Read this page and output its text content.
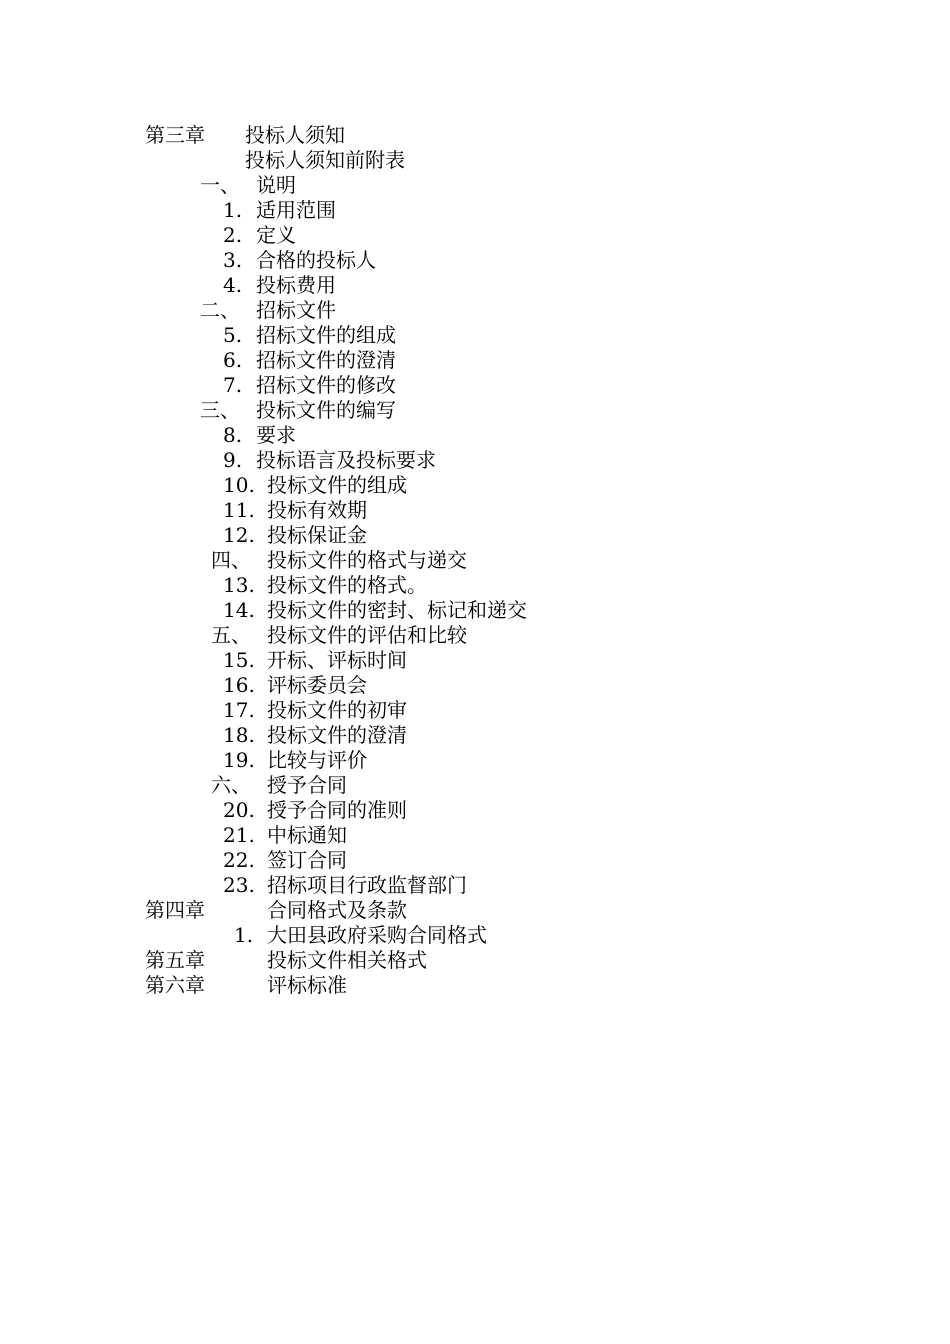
第三章 投标人须知
投标人须知前附表
一、 说明
1. 适用范围
2. 定义
3. 合格的投标人
4. 投标费用
二、 招标文件
5. 招标文件的组成
6. 招标文件的澄清
7. 招标文件的修改
三、 投标文件的编写
8. 要求
9. 投标语言及投标要求
10. 投标文件的组成
11. 投标有效期
12. 投标保证金
四、 投标文件的格式与递交
13. 投标文件的格式。
14. 投标文件的密封、标记和递交
五、 投标文件的评估和比较
15. 开标、评标时间
16. 评标委员会
17. 投标文件的初审
18. 投标文件的澄清
19. 比较与评价
六、 授予合同
20. 授予合同的准则
21. 中标通知
22. 签订合同
23. 招标项目行政监督部门
第四章	合同格式及条款
1. 大田县政府采购合同格式
第五章	投标文件相关格式
第六章	评标标准
